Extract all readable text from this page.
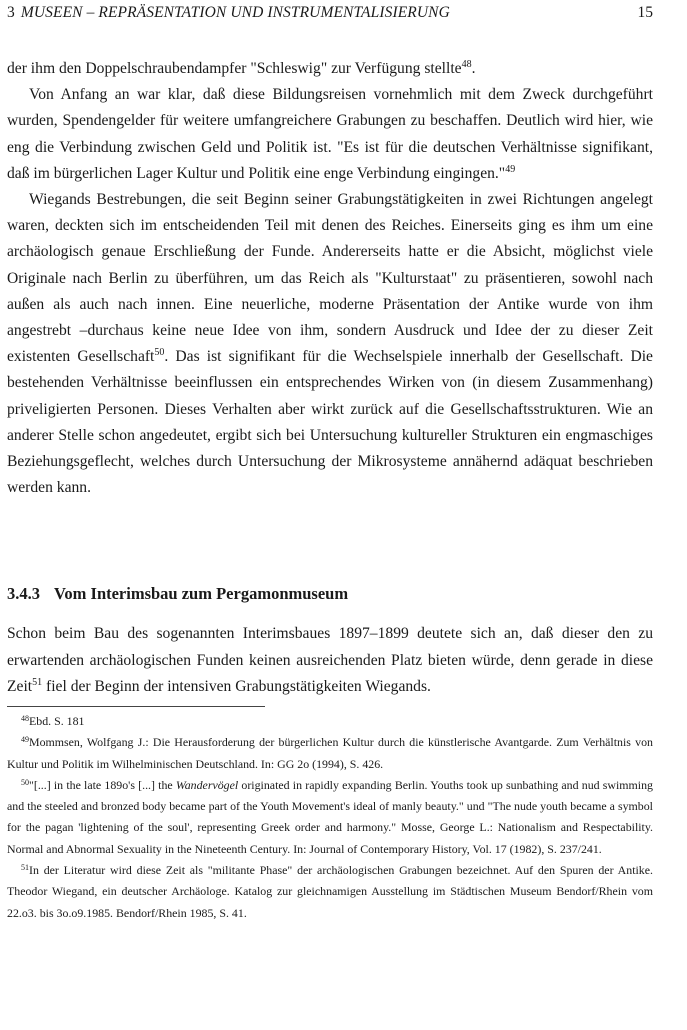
3 MUSEEN – REPRÄSENTATION UND INSTRUMENTALISIERUNG	15

der ihm den Doppelschraubendampfer "Schleswig" zur Verfügung stellte$^{48}$.

Von Anfang an war klar, daß diese Bildungsreisen vornehmlich mit dem Zweck durchgeführt wurden, Spendengelder für weitere umfangreichere Grabungen zu beschaffen. Deutlich wird hier, wie eng die Verbindung zwischen Geld und Politik ist. "Es ist für die deutschen Verhältnisse signifikant, daß im bürgerlichen Lager Kultur und Politik eine enge Verbindung eingingen."$^{49}$

Wiegands Bestrebungen, die seit Beginn seiner Grabungstätigkeiten in zwei Richtungen angelegt waren, deckten sich im entscheidenden Teil mit denen des Reiches. Einerseits ging es ihm um eine archäologisch genaue Erschließung der Funde. Andererseits hatte er die Absicht, möglichst viele Originale nach Berlin zu überführen, um das Reich als "Kulturstaat" zu präsentieren, sowohl nach außen als auch nach innen. Eine neuerliche, moderne Präsentation der Antike wurde von ihm angestrebt –durchaus keine neue Idee von ihm, sondern Ausdruck und Idee der zu dieser Zeit existenten Gesellschaft$^{50}$. Das ist signifikant für die Wechselspiele innerhalb der Gesellschaft. Die bestehenden Verhältnisse beeinflussen ein entsprechendes Wirken von (in diesem Zusammenhang) priveligierten Personen. Dieses Verhalten aber wirkt zurück auf die Gesellschaftsstrukturen. Wie an anderer Stelle schon angedeutet, ergibt sich bei Untersuchung kultureller Strukturen ein engmaschiges Beziehungsgeflecht, welches durch Untersuchung der Mikrosysteme annähernd adäquat beschrieben werden kann.

3.4.3 Vom Interimsbau zum Pergamonmuseum

Schon beim Bau des sogenannten Interimsbaues 1897–1899 deutete sich an, daß dieser den zu erwartenden archäologischen Funden keinen ausreichenden Platz bieten würde, denn gerade in diese Zeit$^{51}$ fiel der Beginn der intensiven Grabungstätigkeiten Wiegands.

$^{48}$Ebd. S. 181

$^{49}$Mommsen, Wolfgang J.: Die Herausforderung der bürgerlichen Kultur durch die künstlerische Avantgarde. Zum Verhältnis von Kultur und Politik im Wilhelminischen Deutschland. In: GG 2o (1994), S. 426.

$^{50}$"[...] in the late 189o's [...] the Wandervögel originated in rapidly expanding Berlin. Youths took up sunbathing and nud swimming and the steeled and bronzed body became part of the Youth Movement's ideal of manly beauty." und "The nude youth became a symbol for the pagan 'lightening of the soul', representing Greek order and harmony." Mosse, George L.: Nationalism and Respectability. Normal and Abnormal Sexuality in the Nineteenth Century. In: Journal of Contemporary History, Vol. 17 (1982), S. 237/241.

$^{51}$In der Literatur wird diese Zeit als "militante Phase" der archäologischen Grabungen bezeichnet. Auf den Spuren der Antike. Theodor Wiegand, ein deutscher Archäologe. Katalog zur gleichnamigen Ausstellung im Städtischen Museum Bendorf/Rhein vom 22.o3. bis 3o.o9.1985. Bendorf/Rhein 1985, S. 41.
